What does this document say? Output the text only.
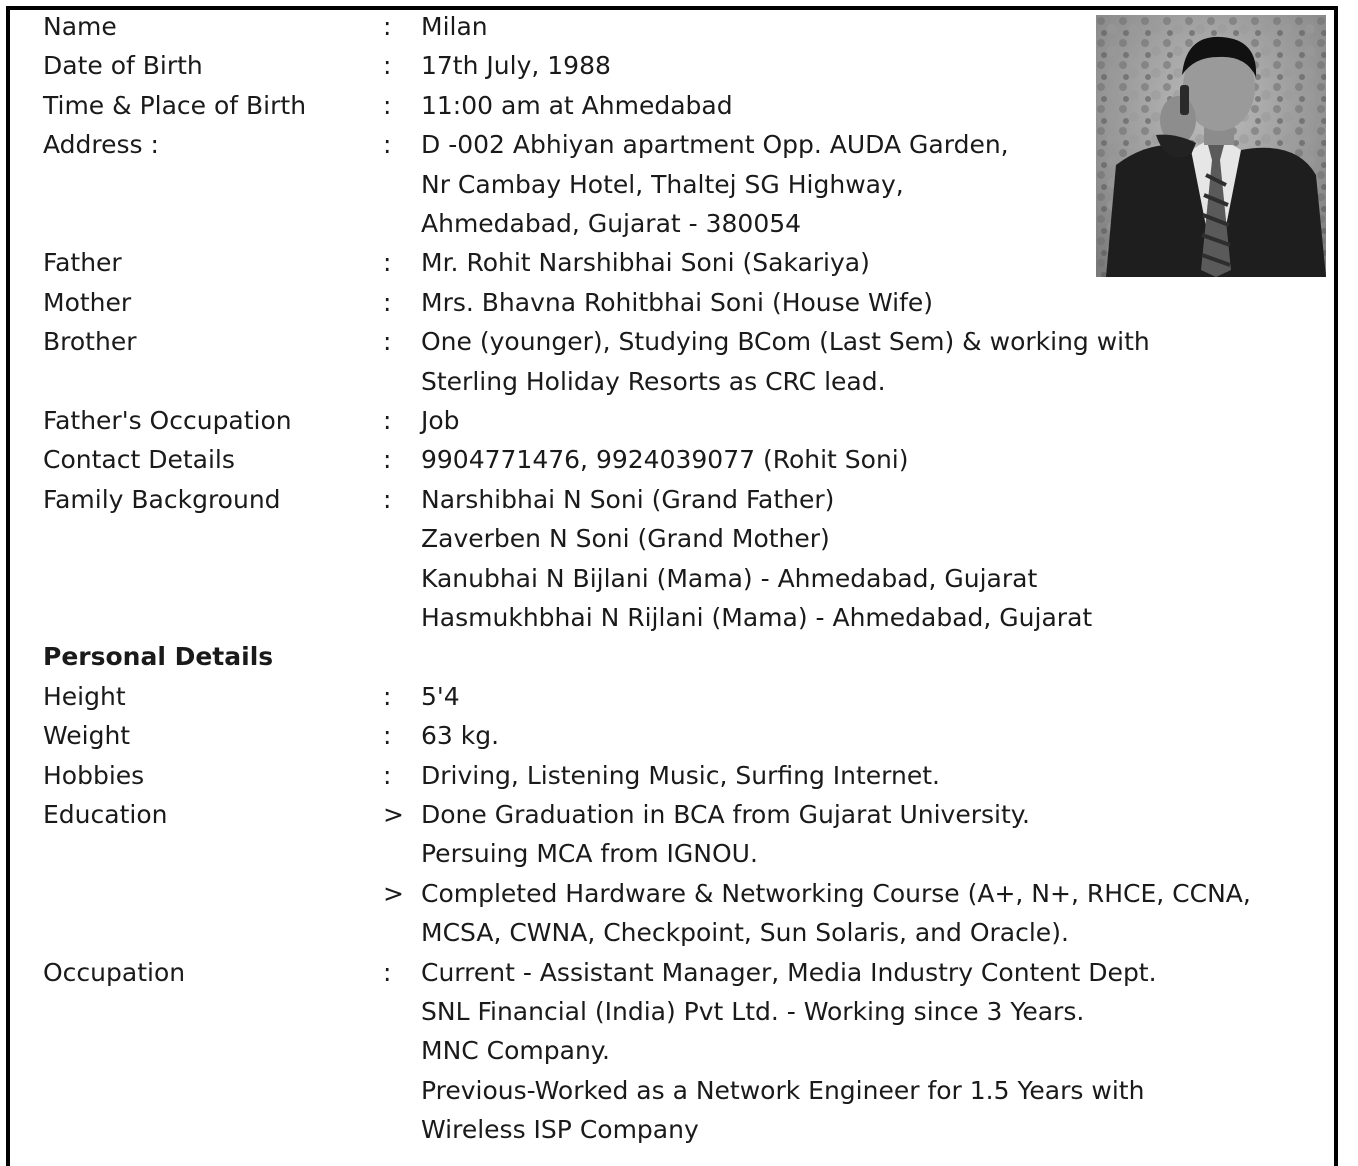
Name	:	Milan
Date of Birth	:	17th July, 1988
Time & Place of Birth	:	11:00 am at Ahmedabad
Address :	:	D -002 Abhiyan apartment Opp. AUDA Garden,
Nr Cambay Hotel, Thaltej SG Highway,
Ahmedabad, Gujarat - 380054
Father	:	Mr. Rohit Narshibhai Soni (Sakariya)
Mother	:	Mrs. Bhavna Rohitbhai Soni (House Wife)
Brother	:	One (younger), Studying BCom (Last Sem) & working with
Sterling Holiday Resorts as CRC lead.
Father's Occupation	:	Job
Contact Details	:	9904771476, 9924039077 (Rohit Soni)
Family Background	:	Narshibhai N Soni (Grand Father)
Zaverben N Soni (Grand Mother)
Kanubhai N Bijlani (Mama) - Ahmedabad, Gujarat
Hasmukhbhai N Rijlani (Mama) - Ahmedabad, Gujarat
Personal Details
Height	:	5'4
Weight	:	63 kg.
Hobbies	:	Driving, Listening Music, Surfing Internet.
Education	> Done Graduation in BCA from Gujarat University.
Persuing MCA from IGNOU.
> Completed Hardware & Networking Course (A+, N+, RHCE, CCNA,
MCSA, CWNA, Checkpoint, Sun Solaris, and Oracle).
Occupation	:	Current - Assistant Manager, Media Industry Content Dept.
SNL Financial (India) Pvt Ltd. - Working since 3 Years.
MNC Company.
Previous-Worked as a Network Engineer for 1.5 Years with
Wireless ISP Company
